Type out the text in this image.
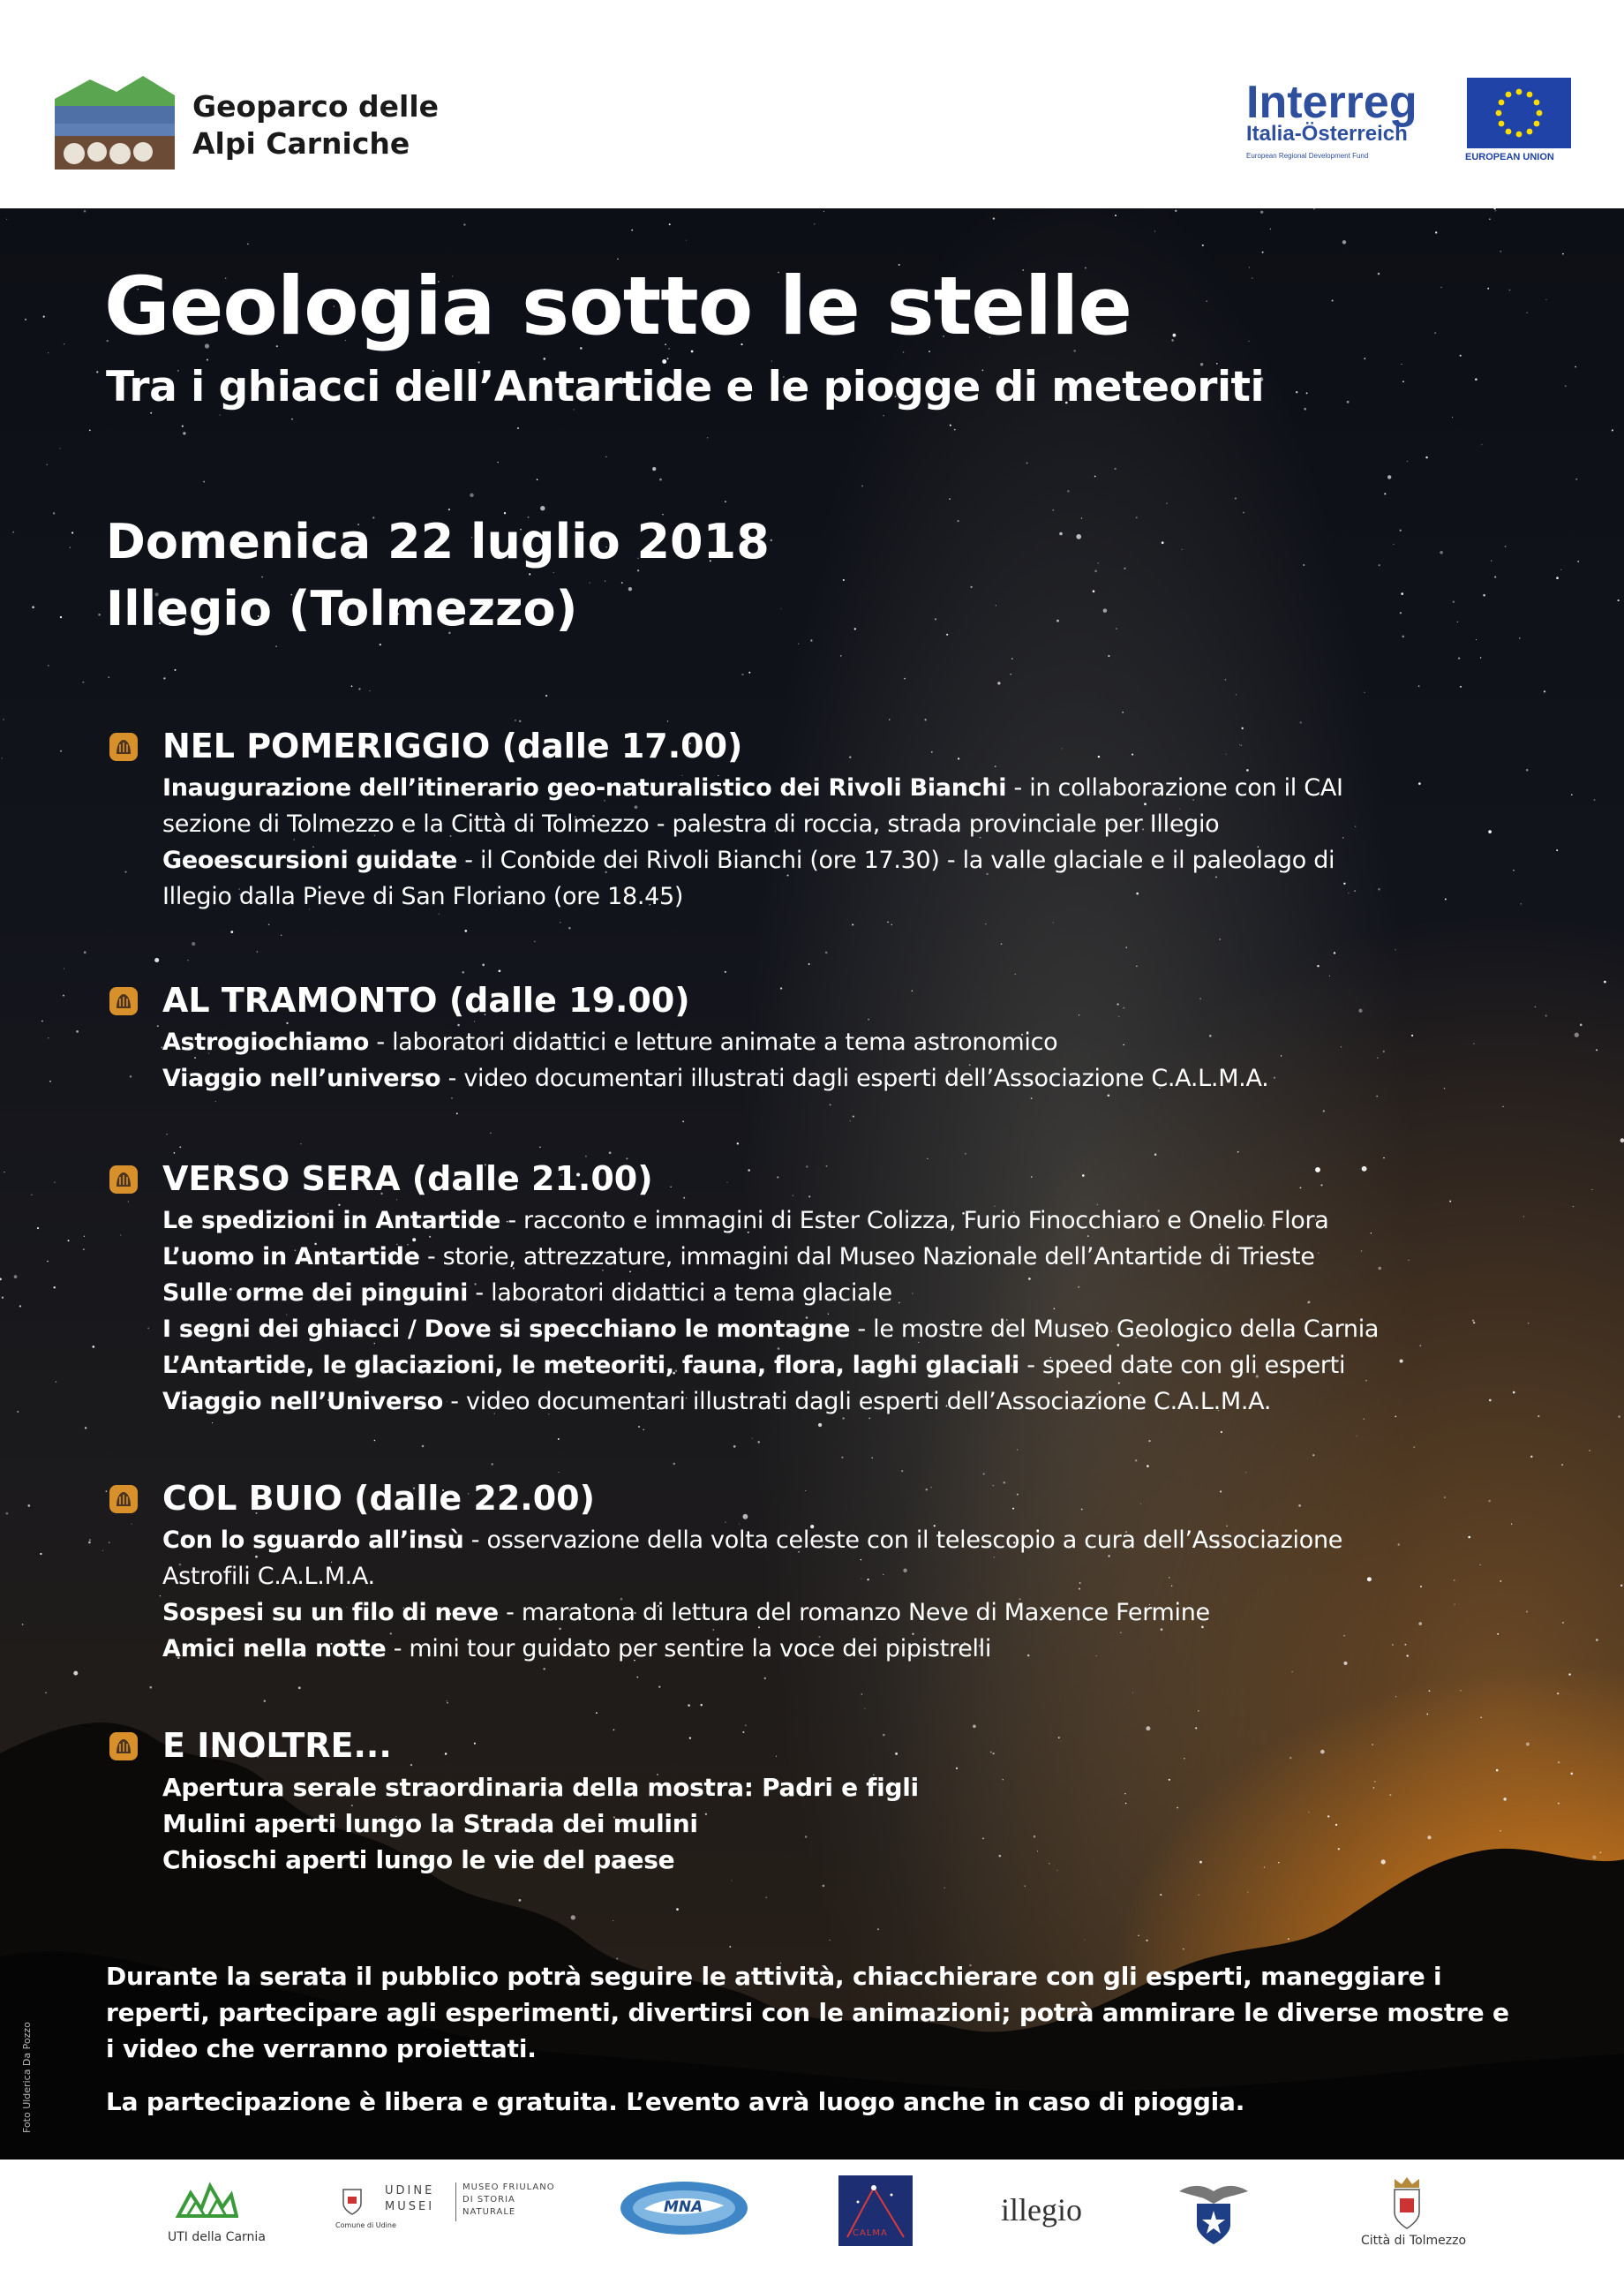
Geoparco delle
Alpi Carniche
Interreg
Italia-Österreich
European Regional Development Fund	EUROPEAN UNION
Geologia sotto le stelle
Tra i ghiacci dell’Antartide e le piogge di meteoriti
Domenica 22 luglio 2018
Illegio (Tolmezzo)
NEL POMERIGGIO (dalle 17.00)
Inaugurazione dell’itinerario geo-naturalistico dei Rivoli Bianchi - in collaborazione con il CAI
sezione di Tolmezzo e la Città di Tolmezzo - palestra di roccia, strada provinciale per Illegio
Geoescursioni guidate - il Conoide dei Rivoli Bianchi (ore 17.30) - la valle glaciale e il paleolago di
Illegio dalla Pieve di San Floriano (ore 18.45)
AL TRAMONTO (dalle 19.00)
Astrogiochiamo - laboratori didattici e letture animate a tema astronomico
Viaggio nell’universo - video documentari illustrati dagli esperti dell’Associazione C.A.L.M.A.
VERSO SERA (dalle 21.00)
Le spedizioni in Antartide - racconto e immagini di Ester Colizza, Furio Finocchiaro e Onelio Flora
L’uomo in Antartide - storie, attrezzature, immagini dal Museo Nazionale dell’Antartide di Trieste
Sulle orme dei pinguini - laboratori didattici a tema glaciale
I segni dei ghiacci / Dove si specchiano le montagne - le mostre del Museo Geologico della Carnia
L’Antartide, le glaciazioni, le meteoriti, fauna, flora, laghi glaciali - speed date con gli esperti
Viaggio nell’Universo - video documentari illustrati dagli esperti dell’Associazione C.A.L.M.A.
COL BUIO (dalle 22.00)
Con lo sguardo all’insù - osservazione della volta celeste con il telescopio a cura dell’Associazione
Astrofili C.A.L.M.A.
Sospesi su un filo di neve - maratona di lettura del romanzo Neve di Maxence Fermine
Amici nella notte - mini tour guidato per sentire la voce dei pipistrelli
E INOLTRE...
Apertura serale straordinaria della mostra: Padri e figli
Mulini aperti lungo la Strada dei mulini
Chioschi aperti lungo le vie del paese
Durante la serata il pubblico potrà seguire le attività, chiacchierare con gli esperti, maneggiare i reperti, partecipare agli esperimenti, divertirsi con le animazioni; potrà ammirare le diverse mostre e i video che verranno proiettati.
La partecipazione è libera e gratuita. L’evento avrà luogo anche in caso di pioggia.
Foto Ulderica Da Pozzo
UTI della Carnia
Comune di Udine
UDINE
MUSEI
MUSEO FRIULANO
DI STORIA
NATURALE	MNA
CALMA
illegio
Città di Tolmezzo
